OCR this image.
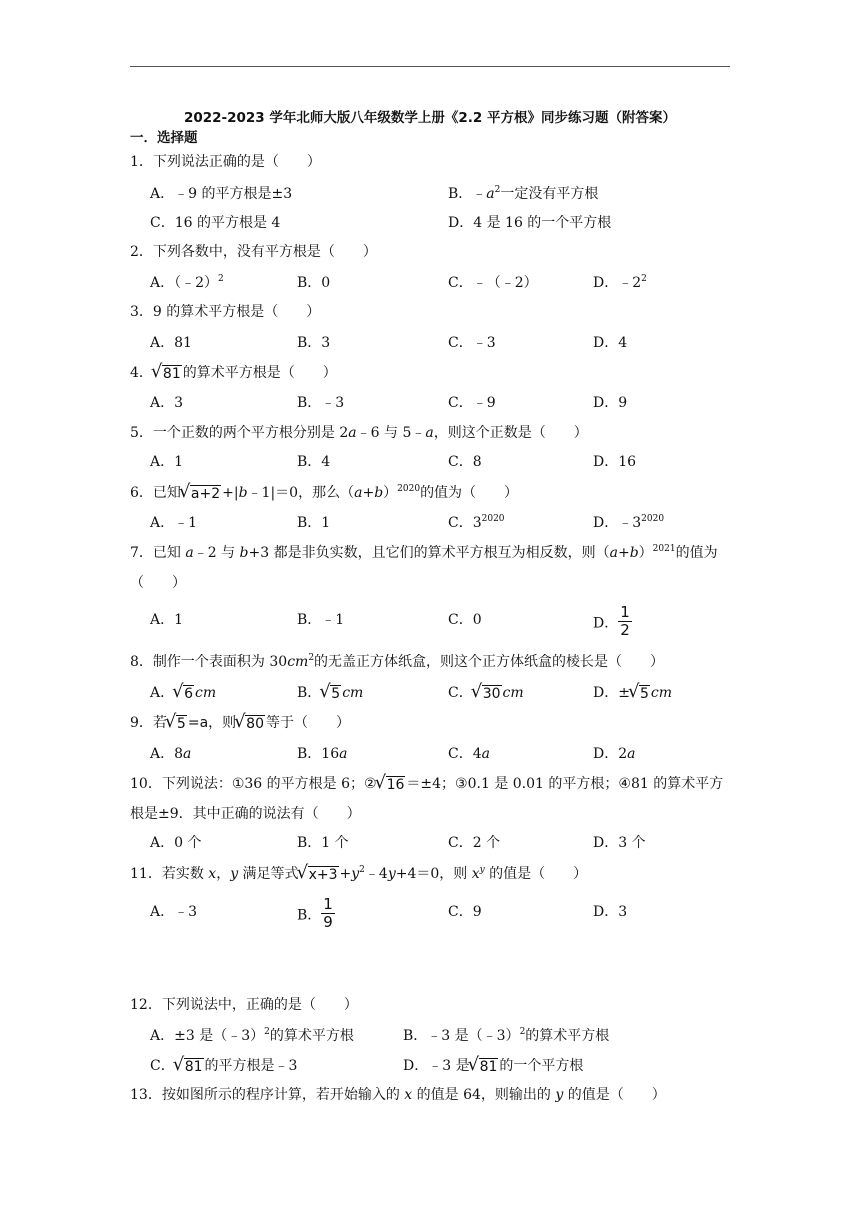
2022-2023 学年北师大版八年级数学上册《2.2 平方根》同步练习题（附答案）
一．选择题
1．下列说法正确的是（　　）
A．﹣9 的平方根是±3	B．$﹣a^2$一定没有平方根
C．16 的平方根是 4	D．4 是 16 的一个平方根
2．下列各数中，没有平方根是（　　）
A．（﹣2）$^2$	B．0	C．﹣（﹣2）	D．$﹣2^2$
3．9 的算术平方根是（　　）
A．81	B．3	C．﹣3	D．4
4．
√ 81 的算术平方根是（　　）
A．3	B．﹣3	C．﹣9	D．9
5．一个正数的两个平方根分别是 2a﹣6 与 5﹣a，则这个正数是（　　）
A．1	B．4	C．8	D．16
6．已知
√ a+2 +|b﹣1|＝0，那么$(a+b)^{2020}$的值为（　　）
A．﹣1	B．1	C．$3^{2020}$	D．$﹣3^{2020}$
7．已知 a﹣2 与 b+3 都是非负实数，且它们的算术平方根互为相反数，则$(a+b)^{2021}$的值为（　　）
A．1	B．﹣1	C．0	D． $\frac{1}{2}$
8．制作一个表面积为 $30cm^2$的无盖正方体纸盒，则这个正方体纸盒的棱长是（　　）
A．
√ 6 cm	B．
√ 5 cm	C．
√ 30 cm	D．±
√ 5 cm
9．若
√ 5 =a，则
√ 80 等于（　　）
A．8a	B．16a	C．4a	D．2a
10．下列说法：①36 的平方根是 6；②
√ 16 ＝±4；③0.1 是 0.01 的平方根；④81 的算术平方根是±9．其中正确的说法有（　　）
A．0 个	B．1 个	C．2 个	D．3 个
11．若实数 x，y 满足等式
√ $x+3 +y^2﹣4y+4=0$，则 $x^y$ 的值是（　　）
A．﹣3	B． $\frac{1}{9}$	C．9	D．3
12．下列说法中，正确的是（　　）
A．±3 是（﹣3）$^2$的算术平方根	B．﹣3 是（﹣3）$^2$的算术平方根
C．
√ 81 的平方根是﹣3	D．﹣3 是
√ 81 的一个平方根
13．按如图所示的程序计算，若开始输入的 x 的值是 64，则输出的 y 的值是（　　）
